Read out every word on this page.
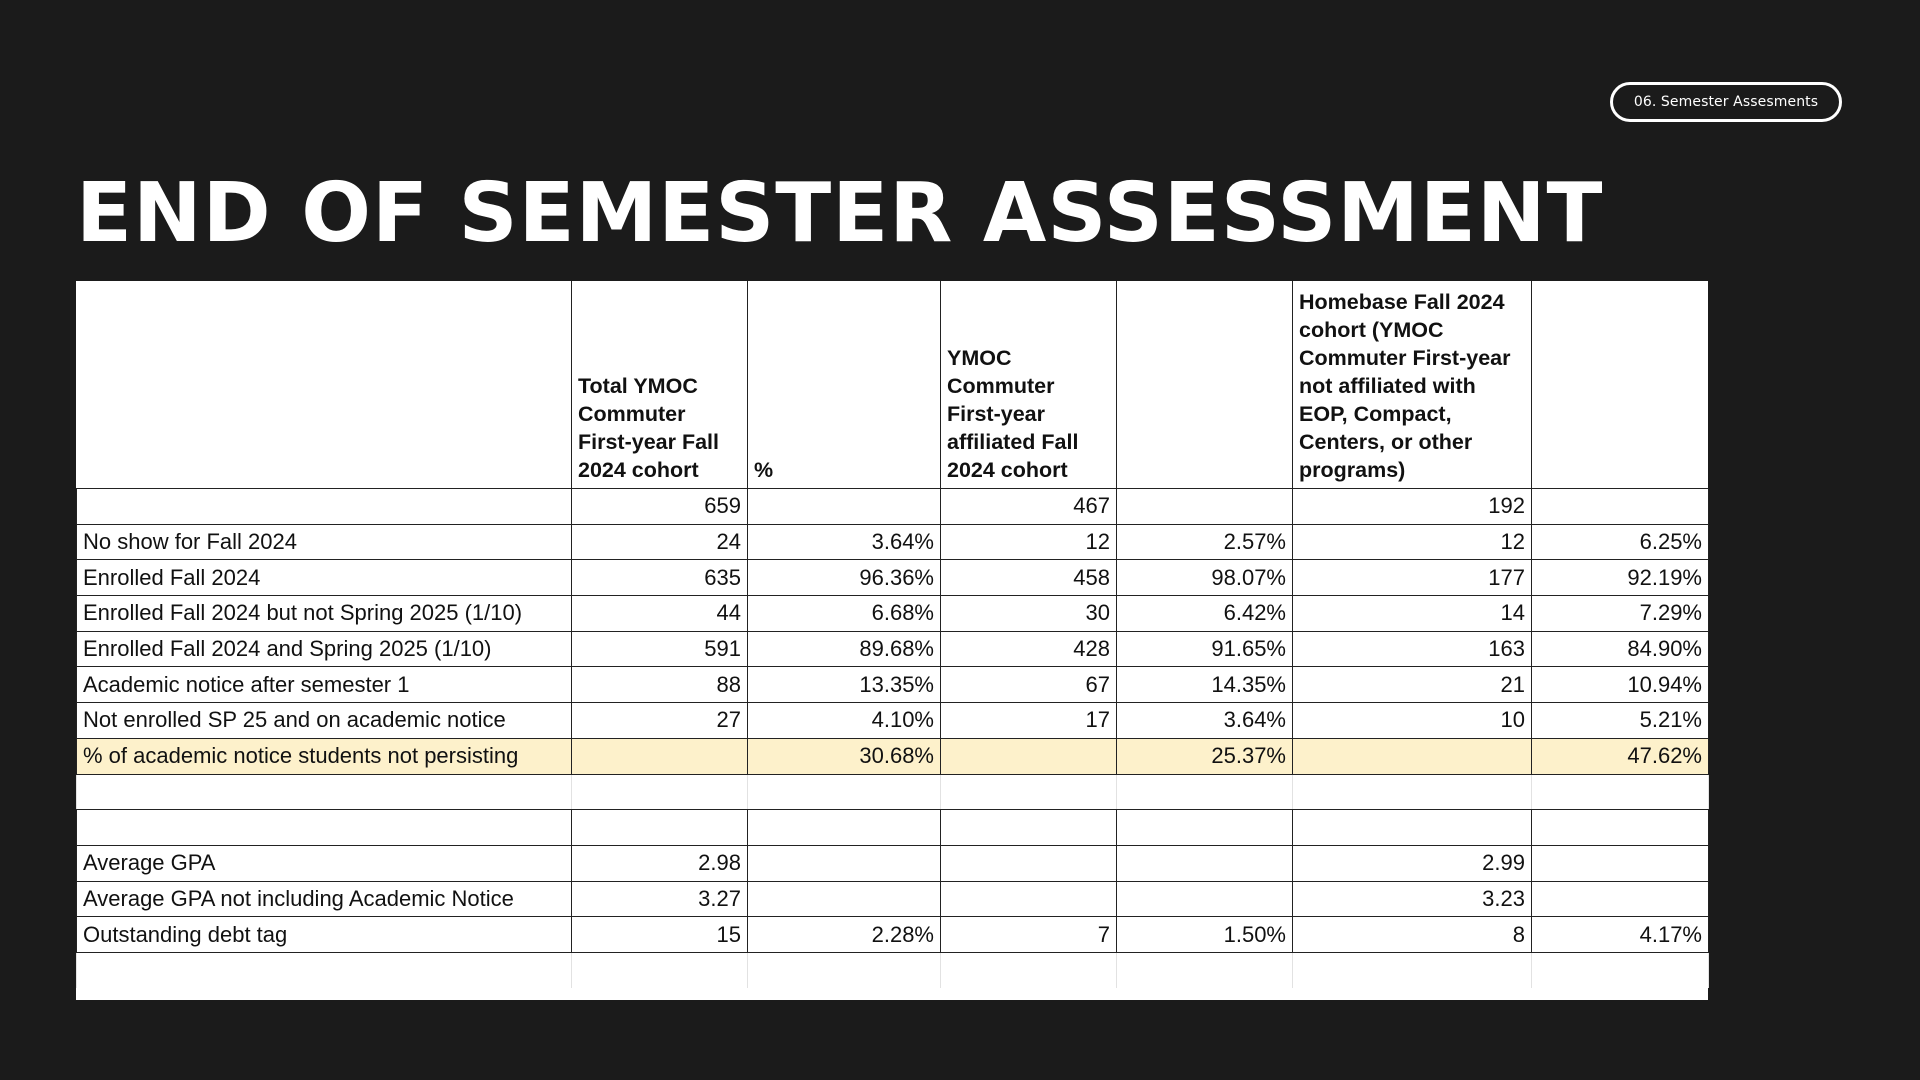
06. Semester Assesments
END OF SEMESTER ASSESSMENT
	Total YMOC Commuter First-year Fall 2024 cohort	%	YMOC Commuter First-year affiliated Fall 2024 cohort		Homebase Fall 2024 cohort (YMOC Commuter First-year not affiliated with EOP, Compact, Centers, or other programs)	
	659		467		192	
No show for Fall 2024	24	3.64%	12	2.57%	12	6.25%
Enrolled Fall 2024	635	96.36%	458	98.07%	177	92.19%
Enrolled Fall 2024 but not Spring 2025 (1/10)	44	6.68%	30	6.42%	14	7.29%
Enrolled Fall 2024 and Spring 2025 (1/10)	591	89.68%	428	91.65%	163	84.90%
Academic notice after semester 1	88	13.35%	67	14.35%	21	10.94%
Not enrolled SP 25 and on academic notice	27	4.10%	17	3.64%	10	5.21%
% of academic notice students not persisting		30.68%		25.37%		47.62%

Average GPA	2.98				2.99	
Average GPA not including Academic Notice	3.27				3.23	
Outstanding debt tag	15	2.28%	7	1.50%	8	4.17%
